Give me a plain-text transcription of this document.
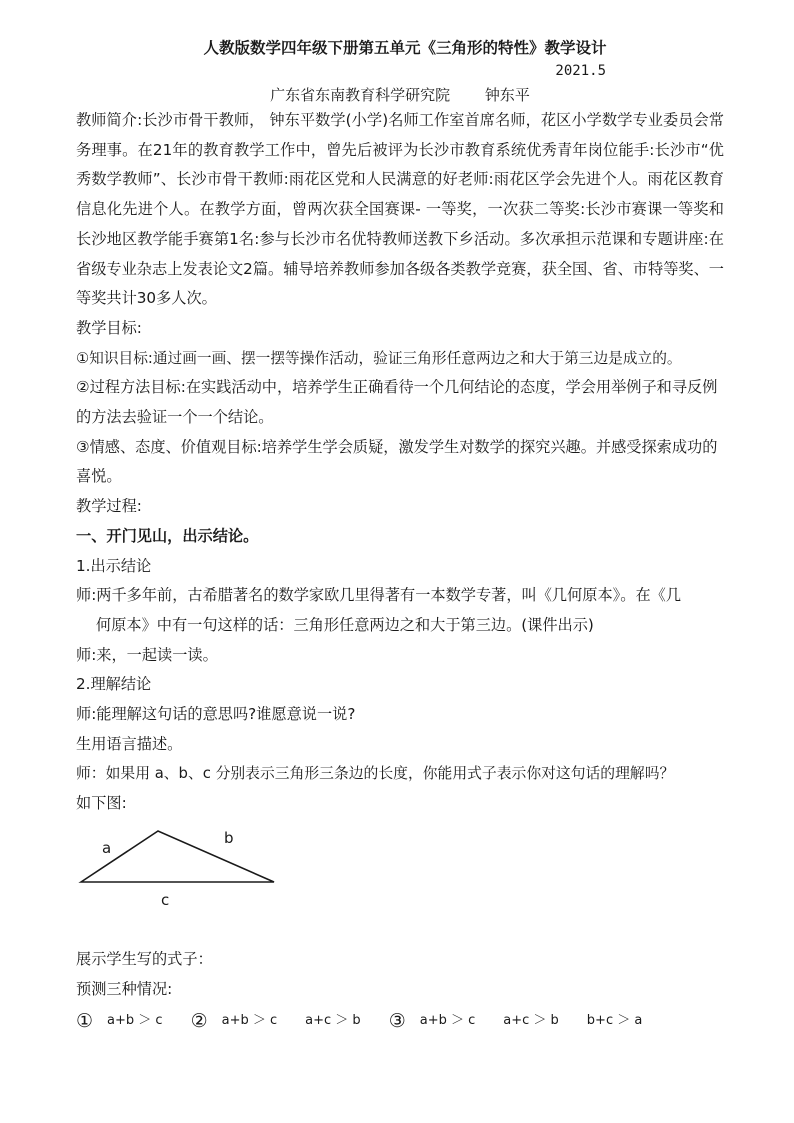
人教版数学四年级下册第五单元《三角形的特性》教学设计

2021.5

广东省东南教育科学研究院 钟东平

教师简介:长沙市骨干教师， 钟东平数学(小学)名师工作室首席名师，花区小学数学专业委员会常务理事。在21年的教育教学工作中，曾先后被评为长沙市教育系统优秀青年岗位能手:长沙市“优秀数学教师”、长沙市骨干教师:雨花区党和人民满意的好老师:雨花区学会先进个人。雨花区教育信息化先进个人。在教学方面，曾两次获全国赛课- 一等奖，一次获二等奖:长沙市赛课一等奖和长沙地区教学能手赛第1名:参与长沙市名优特教师送教下乡活动。多次承担示范课和专题讲座:在省级专业杂志上发表论文2篇。辅导培养教师参加各级各类教学竞赛，获全国、省、市特等奖、一等奖共计30多人次。

教学目标:

①知识目标:通过画一画、摆一摆等操作活动，验证三角形任意两边之和大于第三边是成立的。

②过程方法目标:在实践活动中，培养学生正确看待一个几何结论的态度，学会用举例子和寻反例的方法去验证一个一个结论。

③情感、态度、价值观目标:培养学生学会质疑，激发学生对数学的探究兴趣。并感受探索成功的喜悦。

教学过程:

一、开门见山，出示结论。

1.出示结论

师:两千多年前，古希腊著名的数学家欧几里得著有一本数学专著，叫《几何原本》。在《几

何原本》中有一句这样的话：三角形任意两边之和大于第三边。(课件出示)

师:来，一起读一读。

2.理解结论

师:能理解这句话的意思吗?谁愿意说一说?

生用语言描述。

师：如果用 a、b、c 分别表示三角形三条边的长度，你能用式子表示你对这句话的理解吗？

如下图:

a
b
c

展示学生写的式子：

预测三种情况:

① a+b ＞ c ② a+b ＞ c a+c ＞ b ③ a+b ＞ c a+c ＞ b b+c ＞ a
